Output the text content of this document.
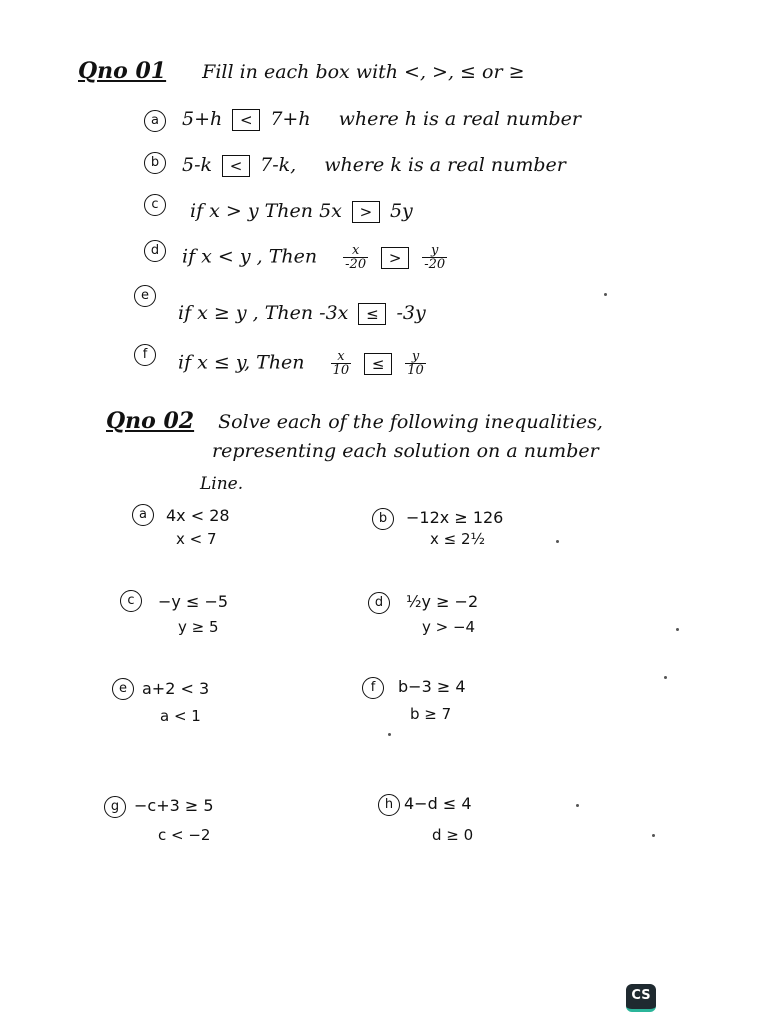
Qno 01 Fill in each box with <, >, ≤ or ≥
a	5+h < 7+h where h is a real number
b	5-k < 7-k, where k is a real number
c	if x > y Then 5x > 5y
d	if x < y , Then $\frac{x}{-20} > \frac{y}{-20}$
e
if x ≥ y , Then -3x ≤ -3y
f	if x ≤ y, Then $\frac{x}{10} \le \frac{y}{10}$
Qno 02 Solve each of the following inequalities,
representing each solution on a number
Line.
a	4x < 28
x < 7
c	−y ≤ −5
y ≥ 5
e a+2 < 3
a < 1
g −c+3 ≥ 5
c < −2
b	−12x ≥ 126
x ≤ 2½
d	½y ≥ −2
y > −4
f	b−3 ≥ 4
b ≥ 7
h 4−d ≤ 4
d ≥ 0
CS
